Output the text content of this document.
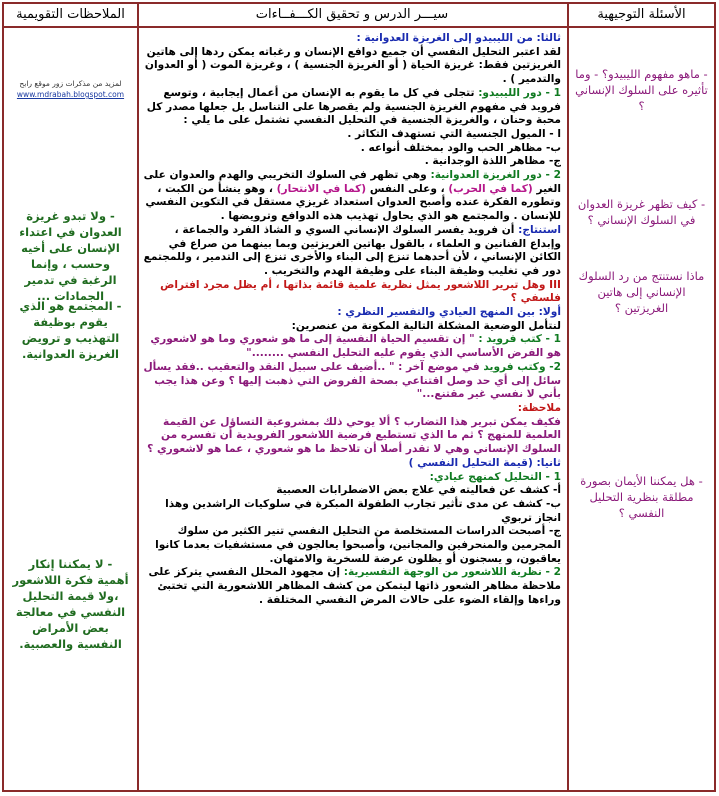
الأسئلة التوجيهية
- ماهو مفهوم الليبيدو؟ - وما تأثيره على السلوك الإنساني ؟
- كيف تظهر غريزة العدوان في السلوك الإنساني ؟
ماذا نستنتج من رد السلوك الإنساني إلى هاتين الغريزتين ؟
- هل يمكننا الأيمان بصورة مطلقة بنظرية التحليل النفسي ؟
سيـــر الدرس و تحقيق الكـــفــاءات

ثالثا: من الليبيدو إلى الغريزة العدوانية :

لقد اعتبر التحليل النفسي أن جميع دوافع الإنسان و رغباته يمكن ردها إلى هاتين الغريزتين فقط: غريزة الحياة ( أو الغريزة الجنسية ) ، وغريزة الموت ( أو العدوان والتدمير ) .

1 - دور الليبيدو: تتجلى في كل ما يقوم به الإنسان من أعمال إيجابية ، وتوسع فرويد في مفهوم الغريزة الجنسية ولم يقصرها على التناسل بل جعلها مصدر كل محبة وحنان ، والغريزة الجنسية في التحليل النفسي تشتمل على ما يلي :

ا - الميول الجنسية التي تستهدف التكاثر .

ب- مظاهر الحب والود بمختلف أنواعه .

ج- مظاهر اللذة الوجدانية .

2 - دور الغريزة العدوانية: وهي تظهر في السلوك التخريبي والهدم والعدوان على الغير (كما في الحرب) ، وعلى النفس (كما في الانتحار) ، وهو ينشأ من الكبت ، وتطوره الفكرة عنده وأصبح العدوان استعداد غريزي مستقل في التكوين النفسي للإنسان . والمجتمع هو الذي يحاول تهذيب هذه الدوافع وترويضها .

استنتاج: أن فرويد يفسر السلوك الإنساني السوي و الشاذ الفرد والجماعة ، وإبداع الفنانين و العلماء ، بالقول بهاتين الغريزتين وبما بينهما من صراع في الكائن الإنساني ، لأن أحدهما تنزع إلى البناء والأخرى تنزع إلى التدمير ، وللمجتمع دور في تغليب وظيفة البناء على وظيفة الهدم والتخريب .

III وهل تبرير اللاشعور يمثل نظرية علمية قائمة بذاتها ، أم يظل مجرد افتراض فلسفي ؟

أولا: بين المنهج العيادي والتفسير النظري :

لنتأمل الوضعية المشكلة التالية المكونة من عنصرين:

1 - كتب فرويد : " إن تقسيم الحياة النفسية إلى ما هو شعوري وما هو لاشعوري هو الفرض الأساسي الذي يقوم عليه التحليل النفسي ........"

2- وكتب فرويد في موضع آخر : " ..أضيف على سبيل النقد والتعقيب ..فقد يسأل سائل إلى أي حد وصل اقتناعي بصحة الفروض التي ذهبت إليها ؟ وعن هذا يجب بأني لا نفسي غير مقتنع..."

ملاحظة:

فكيف يمكن تبرير هذا التضارب ؟ ألا يوحي ذلك بمشروعية التساؤل عن القيمة العلمية للمنهج ؟ ثم ما الذي تستطيع فرضية اللاشعور الفرويدية أن تفسره من السلوك الإنساني وهي لا تقدر أصلا أن تلاحظ ما هو شعوري ، عما هو لاشعوري ؟

ثانيا: (قيمة التحليل النفسي )

1 - التحليل كمنهج عيادي:

أ- كشف عن فعاليته في علاج بعض الاضطرابات العصبية

ب- كشف عن مدى تأثير تجارب الطفولة المبكرة في سلوكيات الراشدين وهذا انجاز تربوي

ج- أصبحت الدراسات المستخلصة من التحليل النفسي تنير الكثير من سلوك المجرمين والمنحرفين والمجانين، وأصبحوا يعالجون في مستشفيات بعدما كانوا يعاقبون، و يسجنون أو يظلون عرضة للسخرية والامتهان.

2 - نظرية اللاشعور من الوجهة التفسيرية: إن مجهود المحلل النفسي يتركز على ملاحظة مظاهر الشعور ذاتها ليتمكن من كشف المظاهر اللاشعورية التي تختبئ وراءها وإلقاء الضوء على حالات المرض النفسي المختلفة .

الملاحظات التقويمية
لمزيد من مذكرات زور موقع رابح
www.mdrabah.blogspot.com
- ولا تبدو غريزة العدوان في اعتداء الإنسان على أخيه وحسب ، وإنما الرغبة في تدمير الجمادات ...
- المجتمع هو الذي يقوم بوظيفة التهذيب و ترويض الغريزة العدوانية.
- لا يمكننا إنكار أهمية فكرة اللاشعور ،ولا قيمة التحليل النفسي في معالجة بعض الأمراض النفسية والعصبية.
